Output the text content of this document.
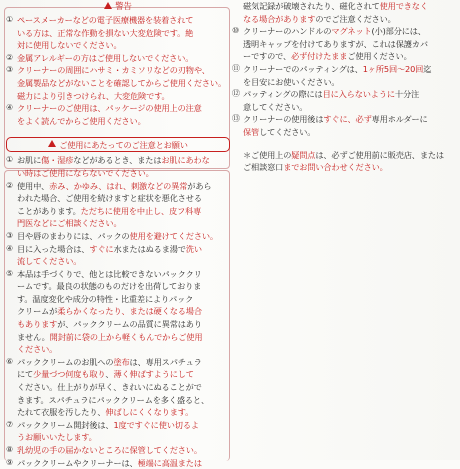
警告
① ペースメーカーなどの電子医療機器を装着されて
いる方は、正常な作動を損ない大変危険です。絶
対に使用しないでください。
② 金属アレルギーの方はご使用しないでください。
③ クリーナーの周囲にハサミ・カミソリなどの刃物や、
金属製品などがないことを確認してからご使用ください。
磁力により引きつけられ、大変危険です。
④ クリーナーのご使用は、パッケージの使用上の注意
をよく読んでからご使用ください。
ご使用にあたってのご注意とお願い
① お肌に傷・湿疹などがあるとき、またはお肌にあわな
い時はご使用にならないでください。
② 使用中、赤み、かゆみ、はれ、刺激などの異常があら
われた場合、ご使用を続けますと症状を悪化させる
ことがあります。ただちに使用を中止し、皮フ科専
門医などにご相談ください。
③ 目や唇のまわりには、パックの使用を避けてください。
④ 目に入った場合は、すぐに水またはぬるま湯で洗い
流してください。
⑤ 本品は手づくりで、他とは比較できないパッククリ
ームです。最良の状態のものだけを出荷しておりま
す。温度変化や成分の特性・比重差によりパック
クリームが柔らかくなったり、または硬くなる場合
もありますが、パッククリームの品質に異常はあり
ません。開封前に袋の上から軽くもんでからご使用
ください。
⑥ パッククリームのお肌への塗布は、専用スパチュラ
にて少量づつ何度も取り、薄く伸ばすようにして
ください。仕上がりが早く、きれいにぬることがで
きます。スパチュラにパッククリームを多く盛ると、
たれて衣服を汚したり、伸ばしにくくなります。
⑦ パッククリーム開封後は、1度ですぐに使い切るよ
うお願いいたします。
⑧ 乳幼児の手の届かないところに保管してください。
⑨ パッククリームやクリーナーは、極端に高温または
磁気記録が破壊されたり、磁化されて使用できなく
なる場合がありますのでご注意ください。
⑩ クリーナーのハンドルのマグネット(小)部分には、
透明キャップを付けてありますが、これは保護カバ
ーですので、必ず付けたままご使用ください。
⑪ クリーナーでのパッティングは、1ヶ所5回〜20回迄
を目安にお使いください。
⑫ パッティングの際には目に入らないように十分注
意してください。
⑬ クリーナーの使用後はすぐに、必ず専用ホルダーに
保管してください。
＊ご使用上の疑問点は、必ずご使用前に販売店、または
ご相談窓口までお問い合わせください。
